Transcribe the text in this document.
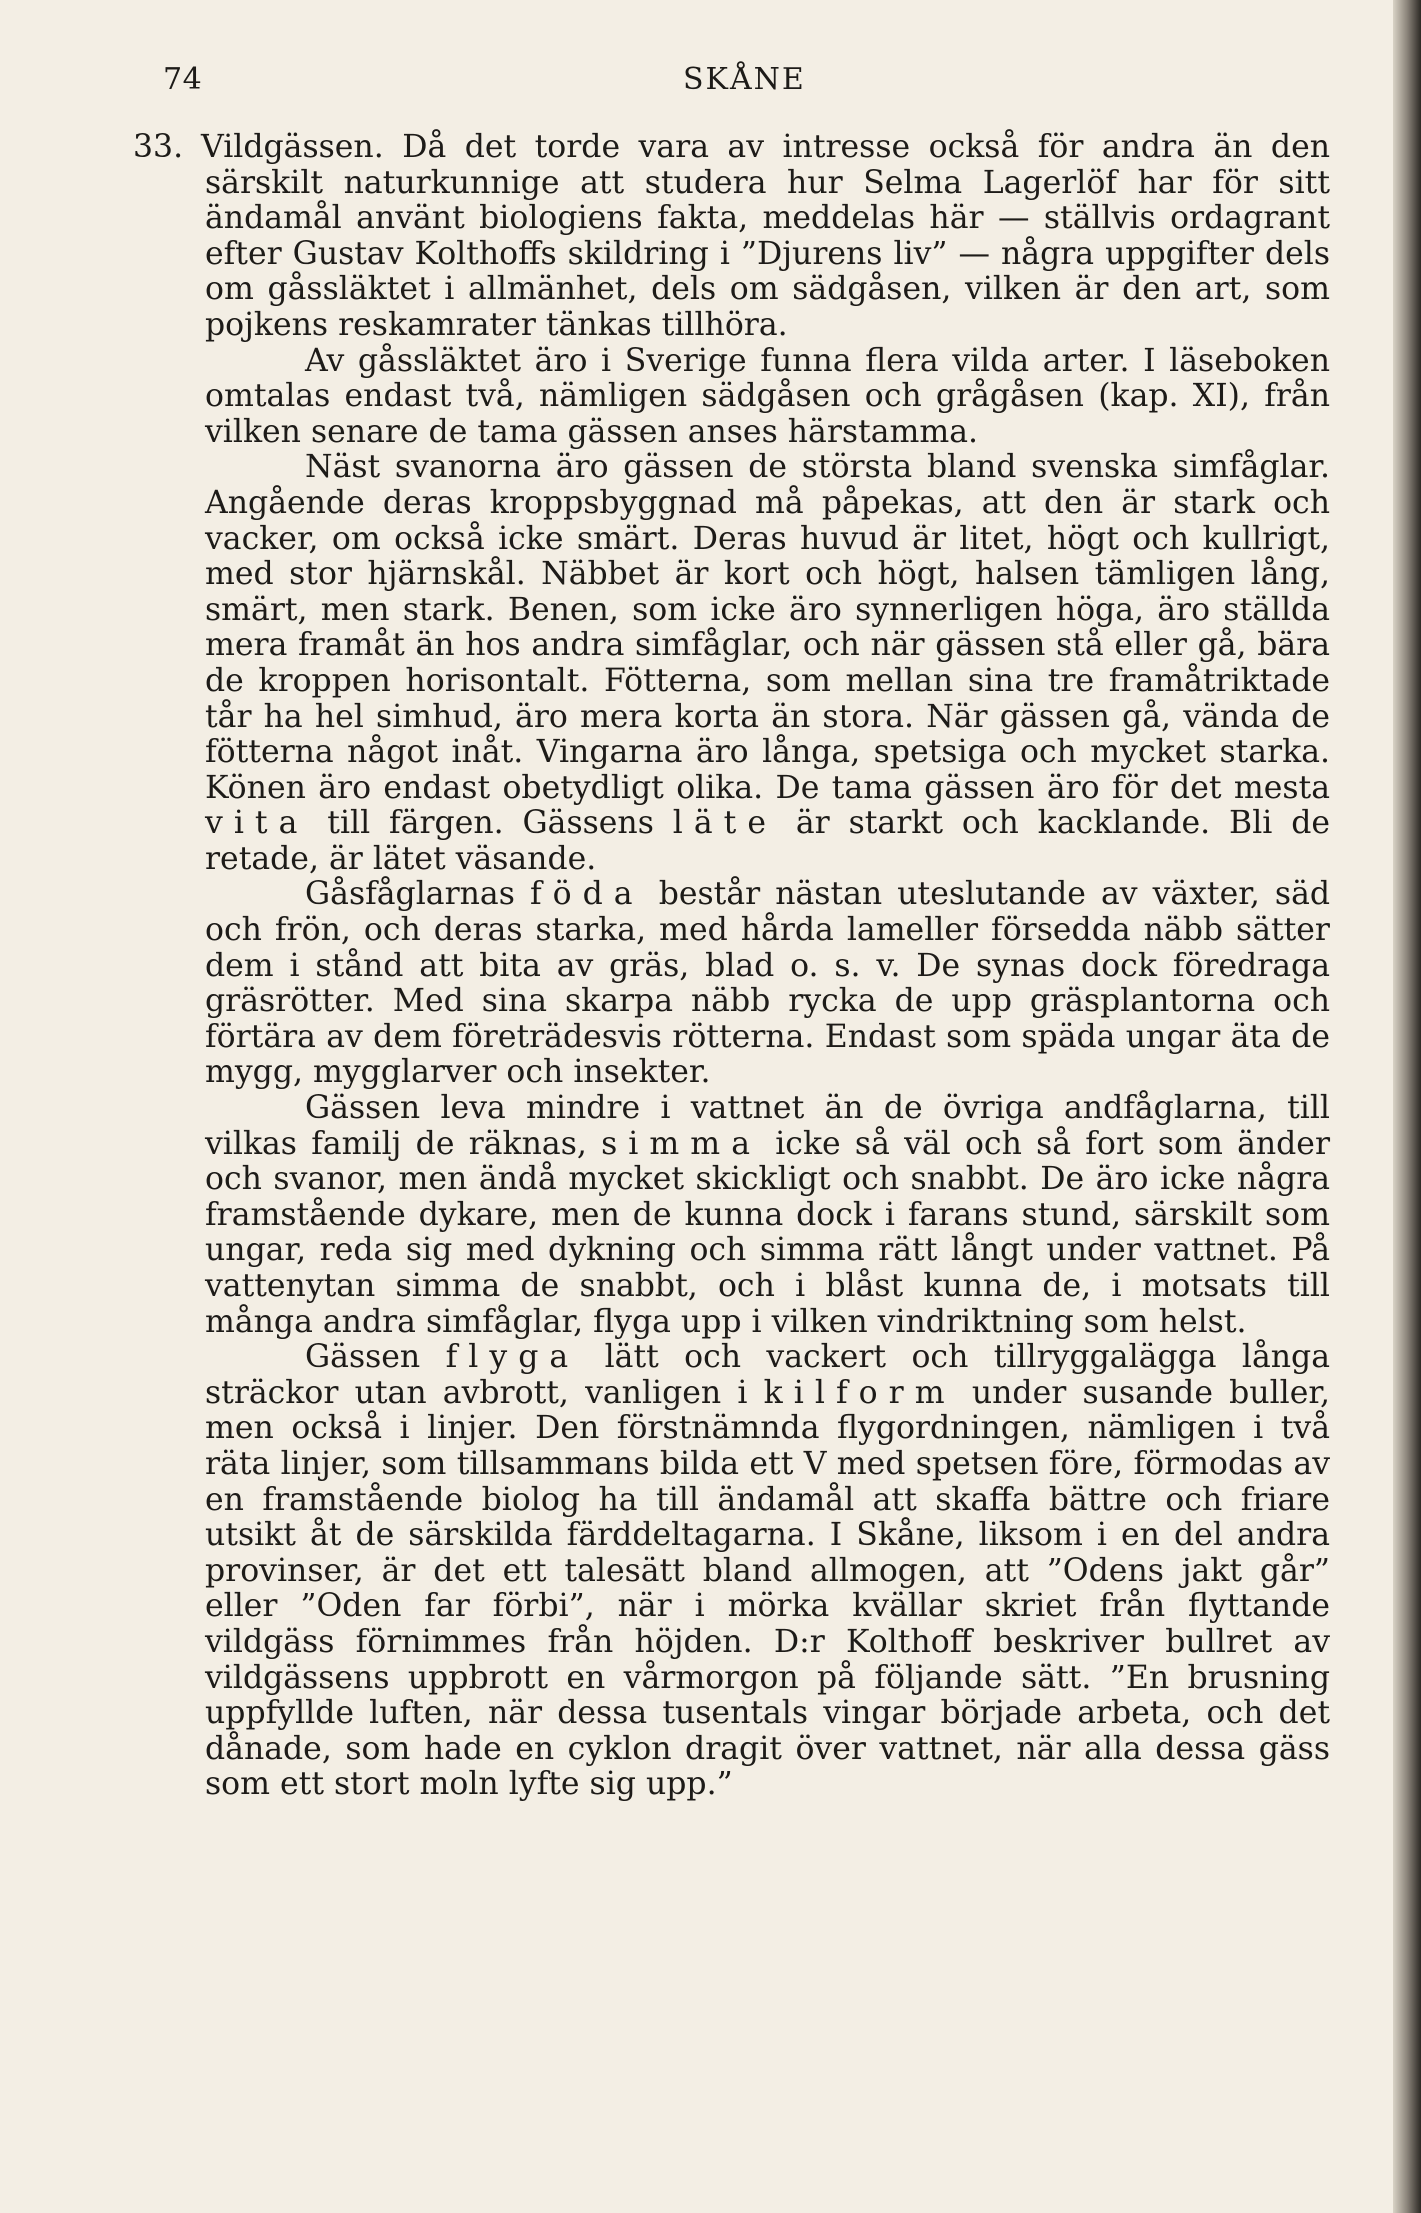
74	SKÅNE

33. Vildgässen. Då det torde vara av intresse också för andra än den särskilt naturkunnige att studera hur Selma Lagerlöf har för sitt ändamål använt biologiens fakta, meddelas här — ställvis ordagrant efter Gustav Kolthoffs skildring i ”Djurens liv” — några uppgifter dels om gåssläktet i allmänhet, dels om sädgåsen, vilken är den art, som pojkens reskamrater tänkas tillhöra.

Av gåssläktet äro i Sverige funna flera vilda arter. I läseboken omtalas endast två, nämligen sädgåsen och grågåsen (kap. XI), från vilken senare de tama gässen anses härstamma.

Näst svanorna äro gässen de största bland svenska simfåglar. Angående deras kroppsbyggnad må påpekas, att den är stark och vacker, om också icke smärt. Deras huvud är litet, högt och kullrigt, med stor hjärnskål. Näbbet är kort och högt, halsen tämligen lång, smärt, men stark. Benen, som icke äro synnerligen höga, äro ställda mera framåt än hos andra simfåglar, och när gässen stå eller gå, bära de kroppen horisontalt. Fötterna, som mellan sina tre framåtriktade tår ha hel simhud, äro mera korta än stora. När gässen gå, vända de fötterna något inåt. Vingarna äro långa, spetsiga och mycket starka. Könen äro endast obetydligt olika. De tama gässen äro för det mesta vita till färgen. Gässens läte är starkt och kacklande. Bli de retade, är lätet väsande.

Gåsfåglarnas föda består nästan uteslutande av växter, säd och frön, och deras starka, med hårda lameller försedda näbb sätter dem i stånd att bita av gräs, blad o. s. v. De synas dock föredraga gräsrötter. Med sina skarpa näbb rycka de upp gräsplantorna och förtära av dem företrädesvis rötterna. Endast som späda ungar äta de mygg, mygglarver och insekter.

Gässen leva mindre i vattnet än de övriga andfåglarna, till vilkas familj de räknas, simma icke så väl och så fort som änder och svanor, men ändå mycket skickligt och snabbt. De äro icke några framstående dykare, men de kunna dock i farans stund, särskilt som ungar, reda sig med dykning och simma rätt långt under vattnet. På vattenytan simma de snabbt, och i blåst kunna de, i motsats till många andra simfåglar, flyga upp i vilken vindriktning som helst.

Gässen flyga lätt och vackert och tillryggalägga långa sträckor utan avbrott, vanligen i kilform under susande buller, men också i linjer. Den förstnämnda flygordningen, nämligen i två räta linjer, som tillsammans bilda ett V med spetsen före, förmodas av en framstående biolog ha till ändamål att skaffa bättre och friare utsikt åt de särskilda färddeltagarna. I Skåne, liksom i en del andra provinser, är det ett talesätt bland allmogen, att ”Odens jakt går” eller ”Oden far förbi”, när i mörka kvällar skriet från flyttande vildgäss förnimmes från höjden. D:r Kolthoff beskriver bullret av vildgässens uppbrott en vårmorgon på följande sätt. ”En brusning uppfyllde luften, när dessa tusentals vingar började arbeta, och det dånade, som hade en cyklon dragit över vattnet, när alla dessa gäss som ett stort moln lyfte sig upp.”
